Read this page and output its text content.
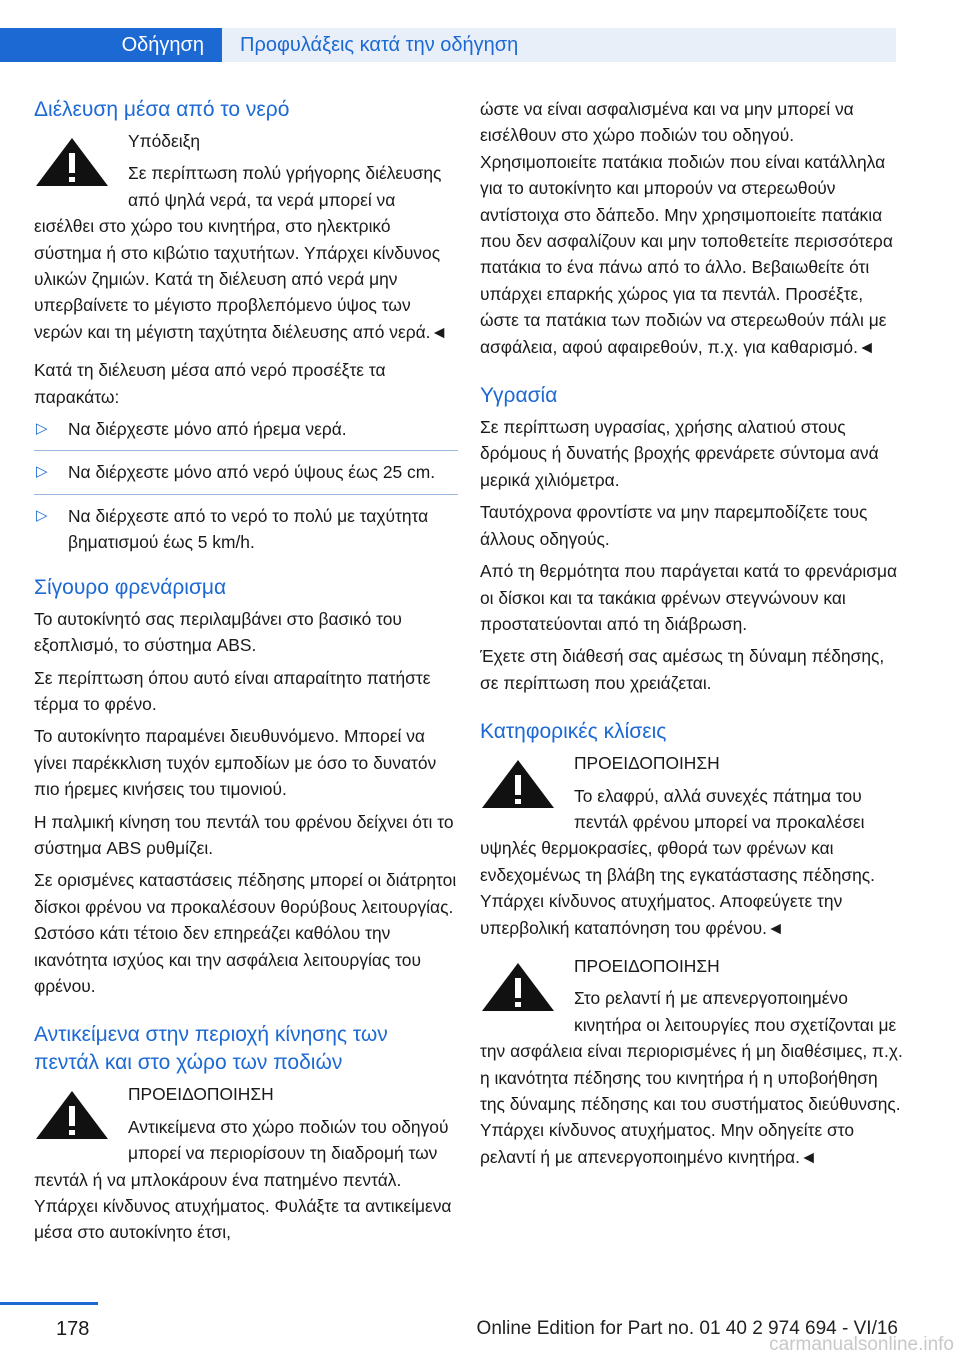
Οδήγηση	Προφυλάξεις κατά την οδήγηση
Διέλευση μέσα από το νερό

Υπόδειξη

Σε περίπτωση πολύ γρήγορης διέλευσης από ψηλά νερά, τα νερά μπορεί να εισέλθει στο χώρο του κινητήρα, στο ηλεκτρικό σύστημα ή στο κιβώτιο ταχυτήτων. Υπάρχει κίνδυνος υλικών ζημιών. Κατά τη διέλευση από νερά μην υπερβαίνετε το μέγιστο προβλεπόμενο ύψος των νερών και τη μέγιστη ταχύτητα διέλευσης από νερά.◄

Κατά τη διέλευση μέσα από νερό προσέξτε τα παρακάτω:

▷ Να διέρχεστε μόνο από ήρεμα νερά.
▷ Να διέρχεστε μόνο από νερό ύψους έως 25 cm.
▷ Να διέρχεστε από το νερό το πολύ με ταχύτητα βηματισμού έως 5 km/h.
Σίγουρο φρενάρισμα

Το αυτοκίνητό σας περιλαμβάνει στο βασικό του εξοπλισμό, το σύστημα ABS.

Σε περίπτωση όπου αυτό είναι απαραίτητο πατήστε τέρμα το φρένο.

Το αυτοκίνητο παραμένει διευθυνόμενο. Μπορεί να γίνει παρέκκλιση τυχόν εμποδίων με όσο το δυνατόν πιο ήρεμες κινήσεις του τιμονιού.

Η παλμική κίνηση του πεντάλ του φρένου δείχνει ότι το σύστημα ABS ρυθμίζει.

Σε ορισμένες καταστάσεις πέδησης μπορεί οι διάτρητοι δίσκοι φρένου να προκαλέσουν θορύβους λειτουργίας. Ωστόσο κάτι τέτοιο δεν επηρεάζει καθόλου την ικανότητα ισχύος και την ασφάλεια λειτουργίας του φρένου.

Αντικείμενα στην περιοχή κίνησης των πεντάλ και στο χώρο των ποδιών

ΠΡΟΕΙΔΟΠΟΙΗΣΗ

Αντικείμενα στο χώρο ποδιών του οδηγού μπορεί να περιορίσουν τη διαδρομή των πεντάλ ή να μπλοκάρουν ένα πατημένο πεντάλ. Υπάρχει κίνδυνος ατυχήματος. Φυλάξτε τα αντικείμενα μέσα στο αυτοκίνητο έτσι,

ώστε να είναι ασφαλισμένα και να μην μπορεί να εισέλθουν στο χώρο ποδιών του οδηγού. Χρησιμοποιείτε πατάκια ποδιών που είναι κατάλληλα για το αυτοκίνητο και μπορούν να στερεωθούν αντίστοιχα στο δάπεδο. Μην χρησιμοποιείτε πατάκια που δεν ασφαλίζουν και μην τοποθετείτε περισσότερα πατάκια το ένα πάνω από το άλλο. Βεβαιωθείτε ότι υπάρχει επαρκής χώρος για τα πεντάλ. Προσέξτε, ώστε τα πατάκια των ποδιών να στερεωθούν πάλι με ασφάλεια, αφού αφαιρεθούν, π.χ. για καθαρισμό.◄

Υγρασία

Σε περίπτωση υγρασίας, χρήσης αλατιού στους δρόμους ή δυνατής βροχής φρενάρετε σύντομα ανά μερικά χιλιόμετρα.

Ταυτόχρονα φροντίστε να μην παρεμποδίζετε τους άλλους οδηγούς.

Από τη θερμότητα που παράγεται κατά το φρενάρισμα οι δίσκοι και τα τακάκια φρένων στεγνώνουν και προστατεύονται από τη διάβρωση.

Έχετε στη διάθεσή σας αμέσως τη δύναμη πέδησης, σε περίπτωση που χρειάζεται.

Κατηφορικές κλίσεις

ΠΡΟΕΙΔΟΠΟΙΗΣΗ

Το ελαφρύ, αλλά συνεχές πάτημα του πεντάλ φρένου μπορεί να προκαλέσει υψηλές θερμοκρασίες, φθορά των φρένων και ενδεχομένως τη βλάβη της εγκατάστασης πέδησης. Υπάρχει κίνδυνος ατυχήματος. Αποφεύγετε την υπερβολική καταπόνηση του φρένου.◄

ΠΡΟΕΙΔΟΠΟΙΗΣΗ

Στο ρελαντί ή με απενεργοποιημένο κινητήρα οι λειτουργίες που σχετίζονται με την ασφάλεια είναι περιορισμένες ή μη διαθέσιμες, π.χ. η ικανότητα πέδησης του κινητήρα ή η υποβοήθηση της δύναμης πέδησης και του συστήματος διεύθυνσης. Υπάρχει κίνδυνος ατυχήματος. Μην οδηγείτε στο ρελαντί ή με απενεργοποιημένο κινητήρα.◄

178	Online Edition for Part no. 01 40 2 974 694 - VI/16
carmanualsonline.info
